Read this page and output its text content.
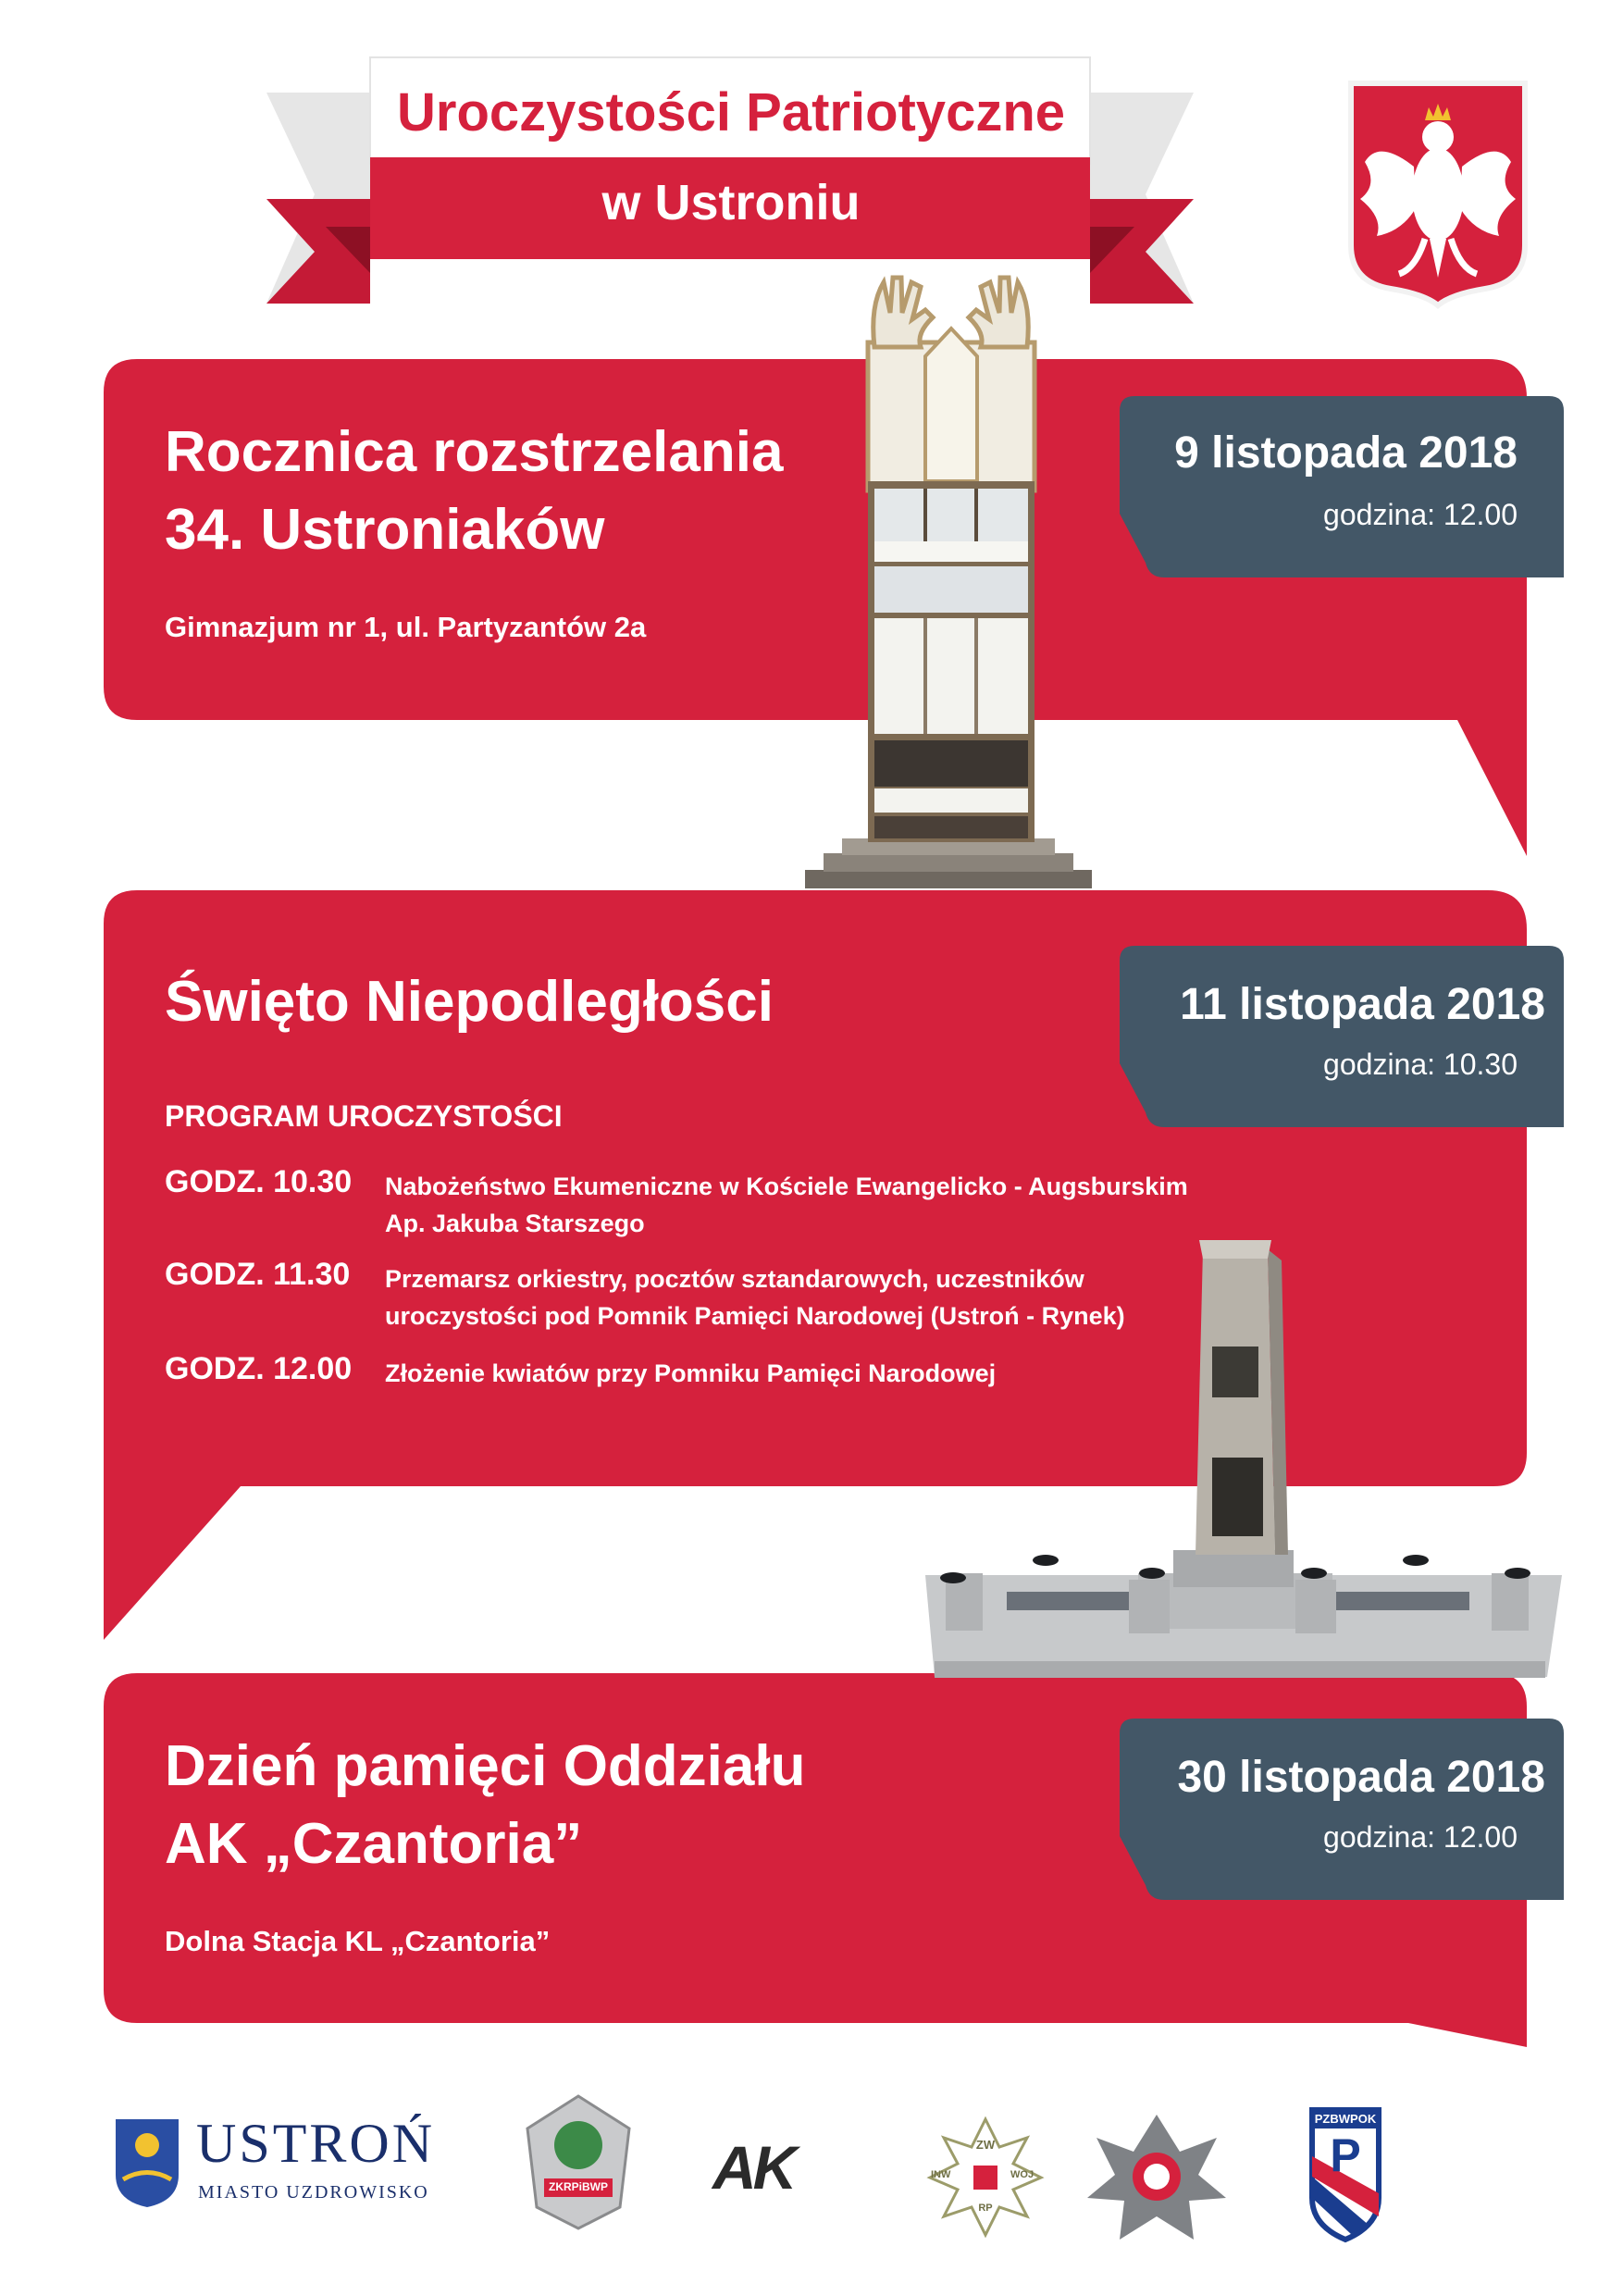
Uroczystości Patriotyczne
w Ustroniu
Rocznica rozstrzelania
34. Ustroniaków
Gimnazjum nr 1, ul. Partyzantów 2a
9 listopada 2018
godzina: 12.00
Święto Niepodległości	11 listopada 2018
godzina: 10.30
PROGRAM UROCZYSTOŚCI
GODZ. 10.30 Nabożeństwo Ekumeniczne w Kościele Ewangelicko - Augsburskim
Ap. Jakuba Starszego
GODZ. 11.30 Przemarsz orkiestry, pocztów sztandarowych, uczestników
uroczystości pod Pomnik Pamięci Narodowej (Ustroń - Rynek)
GODZ. 12.00 Złożenie kwiatów przy Pomniku Pamięci Narodowej
Dzień pamięci Oddziału
AK „Czantoria”
Dolna Stacja KL „Czantoria”
30 listopada 2018
godzina: 12.00
USTROŃ
MIASTO UZDROWISKO	ZKRPiBWP AK	ZW
INW	WOJ
RP
PZBWPOK
P
